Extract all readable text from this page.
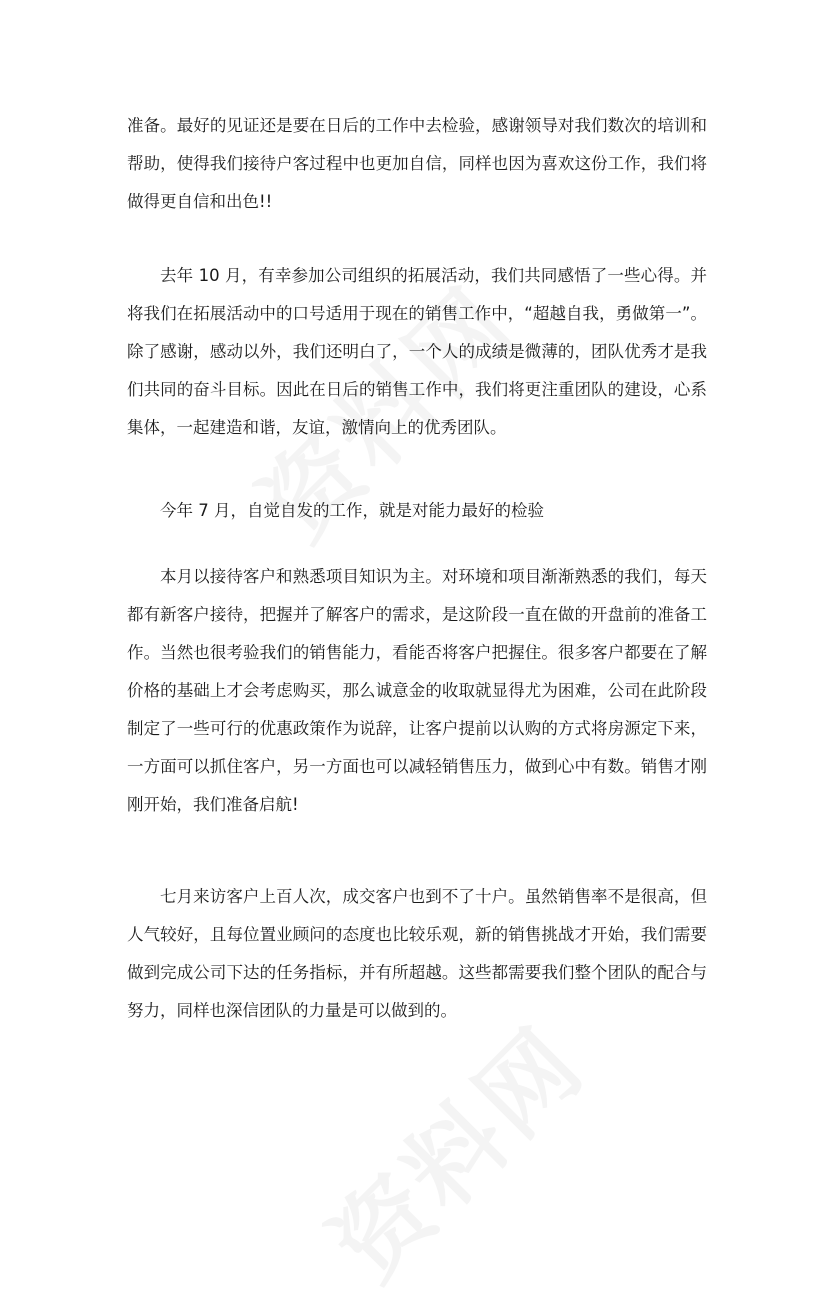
准备。最好的见证还是要在日后的工作中去检验，感谢领导对我们数次的培训和帮助，使得我们接待户客过程中也更加自信，同样也因为喜欢这份工作，我们将做得更自信和出色!!

去年 10 月，有幸参加公司组织的拓展活动，我们共同感悟了一些心得。并将我们在拓展活动中的口号适用于现在的销售工作中，“超越自我，勇做第一”。除了感谢，感动以外，我们还明白了，一个人的成绩是微薄的，团队优秀才是我们共同的奋斗目标。因此在日后的销售工作中，我们将更注重团队的建设，心系集体，一起建造和谐，友谊，激情向上的优秀团队。

今年 7 月，自觉自发的工作，就是对能力最好的检验

本月以接待客户和熟悉项目知识为主。对环境和项目渐渐熟悉的我们，每天都有新客户接待，把握并了解客户的需求，是这阶段一直在做的开盘前的准备工作。当然也很考验我们的销售能力，看能否将客户把握住。很多客户都要在了解价格的基础上才会考虑购买，那么诚意金的收取就显得尤为困难，公司在此阶段制定了一些可行的优惠政策作为说辞，让客户提前以认购的方式将房源定下来，一方面可以抓住客户，另一方面也可以减轻销售压力，做到心中有数。销售才刚刚开始，我们准备启航!

七月来访客户上百人次，成交客户也到不了十户。虽然销售率不是很高，但人气较好，且每位置业顾问的态度也比较乐观，新的销售挑战才开始，我们需要做到完成公司下达的任务指标，并有所超越。这些都需要我们整个团队的配合与努力，同样也深信团队的力量是可以做到的。
